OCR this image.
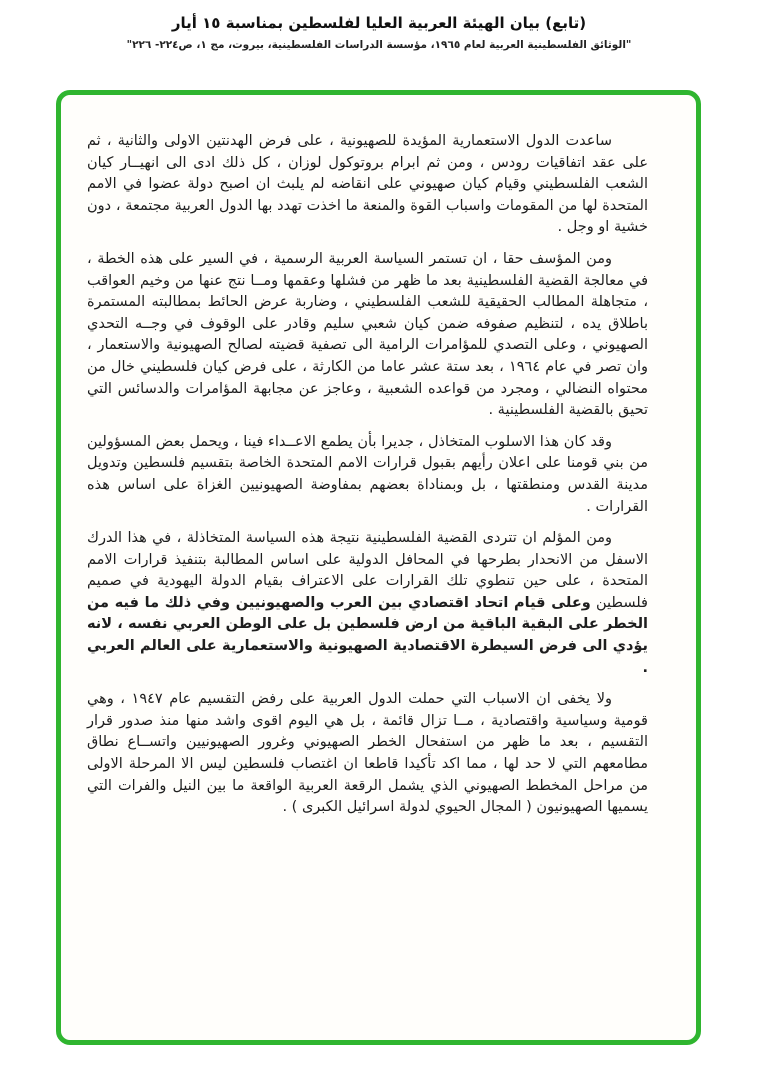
(تابع) بيان الهيئة العربية العليا لفلسطين بمناسبة ١٥ أيار
"الوثائق الفلسطينية العربية لعام ١٩٦٥، مؤسسة الدراسات الفلسطينية، بيروت، مج ١، ص٢٢٤- ٢٢٦"

ساعدت الدول الاستعمارية المؤيدة للصهيونية ، على فرض الهدنتين الاولى والثانية ، ثم على عقد اتفاقيات رودس ، ومن ثم ابرام بروتوكول لوزان ، كل ذلك ادى الى انهيــار كيان الشعب الفلسطيني وقيام كيان صهيوني على انقاضه لم يلبث ان اصبح دولة عضوا في الامم المتحدة لها من المقومات واسباب القوة والمنعة ما اخذت تهدد بها الدول العربية مجتمعة ، دون خشية او وجل .

ومن المؤسف حقا ، ان تستمر السياسة العربية الرسمية ، في السير على هذه الخطة ، في معالجة القضية الفلسطينية بعد ما ظهر من فشلها وعقمها ومــا نتج عنها من وخيم العواقب ، متجاهلة المطالب الحقيقية للشعب الفلسطيني ، وضاربة عرض الحائط بمطالبته المستمرة باطلاق يده ، لتنظيم صفوفه ضمن كيان شعبي سليم وقادر على الوقوف في وجــه التحدي الصهيوني ، وعلى التصدي للمؤامرات الرامية الى تصفية قضيته لصالح الصهيونية والاستعمار ، وان تصر في عام ١٩٦٤ ، بعد ستة عشر عاما من الكارثة ، على فرض كيان فلسطيني خال من محتواه النضالي ، ومجرد من قواعده الشعبية ، وعاجز عن مجابهة المؤامرات والدسائس التي تحيق بالقضية الفلسطينية .

وقد كان هذا الاسلوب المتخاذل ، جديرا بأن يطمع الاعــداء فينا ، ويحمل بعض المسؤولين من بني قومنا على اعلان رأيهم بقبول قرارات الامم المتحدة الخاصة بتقسيم فلسطين وتدويل مدينة القدس ومنطقتها ، بل وبمناداة بعضهم بمفاوضة الصهيونيين الغزاة على اساس هذه القرارات .

ومن المؤلم ان تتردى القضية الفلسطينية نتيجة هذه السياسة المتخاذلة ، في هذا الدرك الاسفل من الانحدار بطرحها في المحافل الدولية على اساس المطالبة بتنفيذ قرارات الامم المتحدة ، على حين تنطوي تلك القرارات على الاعتراف بقيام الدولة اليهودية في صميم فلسطين وعلى قيام اتحاد اقتصادي بين العرب والصهيونيين وفي ذلك ما فيه من الخطر على البقية الباقية من ارض فلسطين بل على الوطن العربي نفسه ، لانه يؤدي الى فرض السيطرة الاقتصادية الصهيونية والاستعمارية على العالم العربي .

ولا يخفى ان الاسباب التي حملت الدول العربية على رفض التقسيم عام ١٩٤٧ ، وهي قومية وسياسية واقتصادية ، مــا تزال قائمة ، بل هي اليوم اقوى واشد منها منذ صدور قرار التقسيم ، بعد ما ظهر من استفحال الخطر الصهيوني وغرور الصهيونيين واتســاع نطاق مطامعهم التي لا حد لها ، مما اكد تأكيدا قاطعا ان اغتصاب فلسطين ليس الا المرحلة الاولى من مراحل المخطط الصهيوني الذي يشمل الرقعة العربية الواقعة ما بين النيل والفرات التي يسميها الصهيونيون ( المجال الحيوي لدولة اسرائيل الكبرى ) .
